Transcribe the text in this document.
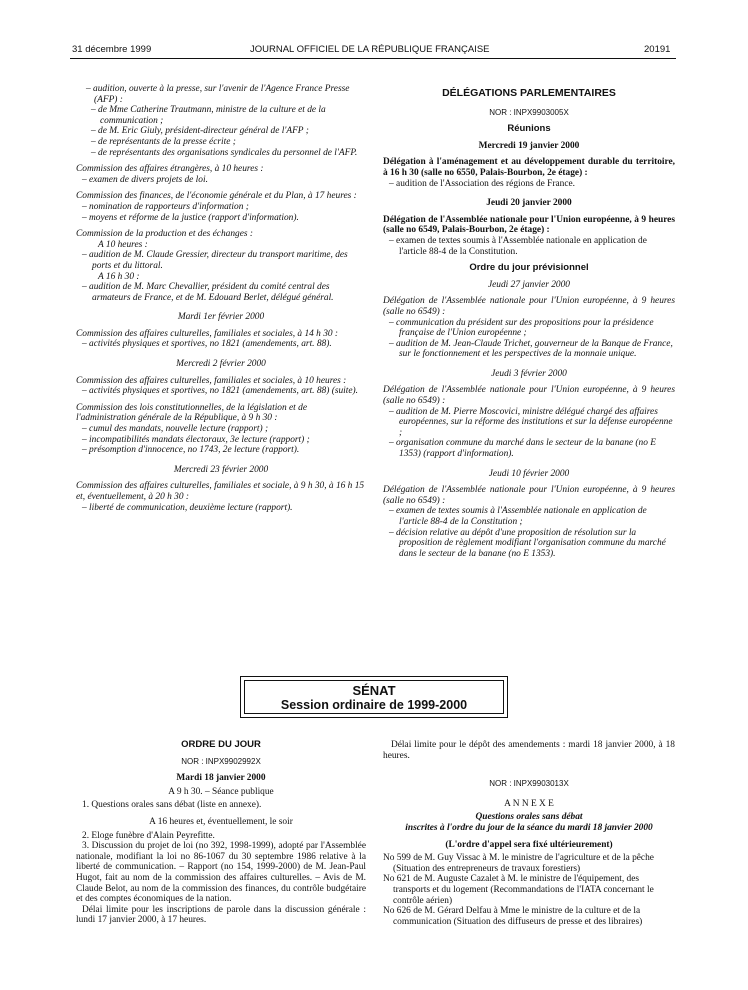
31 décembre 1999	JOURNAL OFFICIEL DE LA RÉPUBLIQUE FRANÇAISE	20191

– audition, ouverte à la presse, sur l'avenir de l'Agence France Presse (AFP) :

– de Mme Catherine Trautmann, ministre de la culture et de la communication ;

– de M. Eric Giuly, président-directeur général de l'AFP ;

– de représentants de la presse écrite ;

– de représentants des organisations syndicales du personnel de l'AFP.

Commission des affaires étrangères, à 10 heures :

– examen de divers projets de loi.

Commission des finances, de l'économie générale et du Plan, à 17 heures :

– nomination de rapporteurs d'information ;

– moyens et réforme de la justice (rapport d'information).

Commission de la production et des échanges :

A 10 heures :

– audition de M. Claude Gressier, directeur du transport maritime, des ports et du littoral.

A 16 h 30 :

– audition de M. Marc Chevallier, président du comité central des armateurs de France, et de M. Edouard Berlet, délégué général.

Mardi 1er février 2000

Commission des affaires culturelles, familiales et sociales, à 14 h 30 :

– activités physiques et sportives, no 1821 (amendements, art. 88).

Mercredi 2 février 2000

Commission des affaires culturelles, familiales et sociales, à 10 heures :

– activités physiques et sportives, no 1821 (amendements, art. 88) (suite).

Commission des lois constitutionnelles, de la législation et de l'administration générale de la République, à 9 h 30 :

– cumul des mandats, nouvelle lecture (rapport) ;

– incompatibilités mandats électoraux, 3e lecture (rapport) ;

– présomption d'innocence, no 1743, 2e lecture (rapport).

Mercredi 23 février 2000

Commission des affaires culturelles, familiales et sociale, à 9 h 30, à 16 h 15 et, éventuellement, à 20 h 30 :

– liberté de communication, deuxième lecture (rapport).

DÉLÉGATIONS PARLEMENTAIRES

NOR : INPX9903005X

Réunions

Mercredi 19 janvier 2000

Délégation à l'aménagement et au développement durable du territoire, à 16 h 30 (salle no 6550, Palais-Bourbon, 2e étage) :

– audition de l'Association des régions de France.

Jeudi 20 janvier 2000

Délégation de l'Assemblée nationale pour l'Union européenne, à 9 heures (salle no 6549, Palais-Bourbon, 2e étage) :

– examen de textes soumis à l'Assemblée nationale en application de l'article 88-4 de la Constitution.

Ordre du jour prévisionnel

Jeudi 27 janvier 2000

Délégation de l'Assemblée nationale pour l'Union européenne, à 9 heures (salle no 6549) :

– communication du président sur des propositions pour la présidence française de l'Union européenne ;

– audition de M. Jean-Claude Trichet, gouverneur de la Banque de France, sur le fonctionnement et les perspectives de la monnaie unique.

Jeudi 3 février 2000

Délégation de l'Assemblée nationale pour l'Union européenne, à 9 heures (salle no 6549) :

– audition de M. Pierre Moscovici, ministre délégué chargé des affaires européennes, sur la réforme des institutions et sur la défense européenne ;

– organisation commune du marché dans le secteur de la banane (no E 1353) (rapport d'information).

Jeudi 10 février 2000

Délégation de l'Assemblée nationale pour l'Union européenne, à 9 heures (salle no 6549) :

– examen de textes soumis à l'Assemblée nationale en application de l'article 88-4 de la Constitution ;

– décision relative au dépôt d'une proposition de résolution sur la proposition de règlement modifiant l'organisation commune du marché dans le secteur de la banane (no E 1353).

SÉNAT
Session ordinaire de 1999-2000

ORDRE DU JOUR

NOR : INPX9902992X

Mardi 18 janvier 2000

A 9 h 30. – Séance publique

1. Questions orales sans débat (liste en annexe).

A 16 heures et, éventuellement, le soir

2. Eloge funèbre d'Alain Peyrefitte.

3. Discussion du projet de loi (no 392, 1998-1999), adopté par l'Assemblée nationale, modifiant la loi no 86-1067 du 30 septembre 1986 relative à la liberté de communication. – Rapport (no 154, 1999-2000) de M. Jean-Paul Hugot, fait au nom de la commission des affaires culturelles. – Avis de M. Claude Belot, au nom de la commission des finances, du contrôle budgétaire et des comptes économiques de la nation.

Délai limite pour les inscriptions de parole dans la discussion générale : lundi 17 janvier 2000, à 17 heures.

Délai limite pour le dépôt des amendements : mardi 18 janvier 2000, à 18 heures.

NOR : INPX9903013X

A N N E X E

Questions orales sans débat

inscrites à l'ordre du jour de la séance du mardi 18 janvier 2000

(L'ordre d'appel sera fixé ultérieurement)

No 599 de M. Guy Vissac à M. le ministre de l'agriculture et de la pêche (Situation des entrepreneurs de travaux forestiers)

No 621 de M. Auguste Cazalet à M. le ministre de l'équipement, des transports et du logement (Recommandations de l'IATA concernant le contrôle aérien)

No 626 de M. Gérard Delfau à Mme le ministre de la culture et de la communication (Situation des diffuseurs de presse et des libraires)
